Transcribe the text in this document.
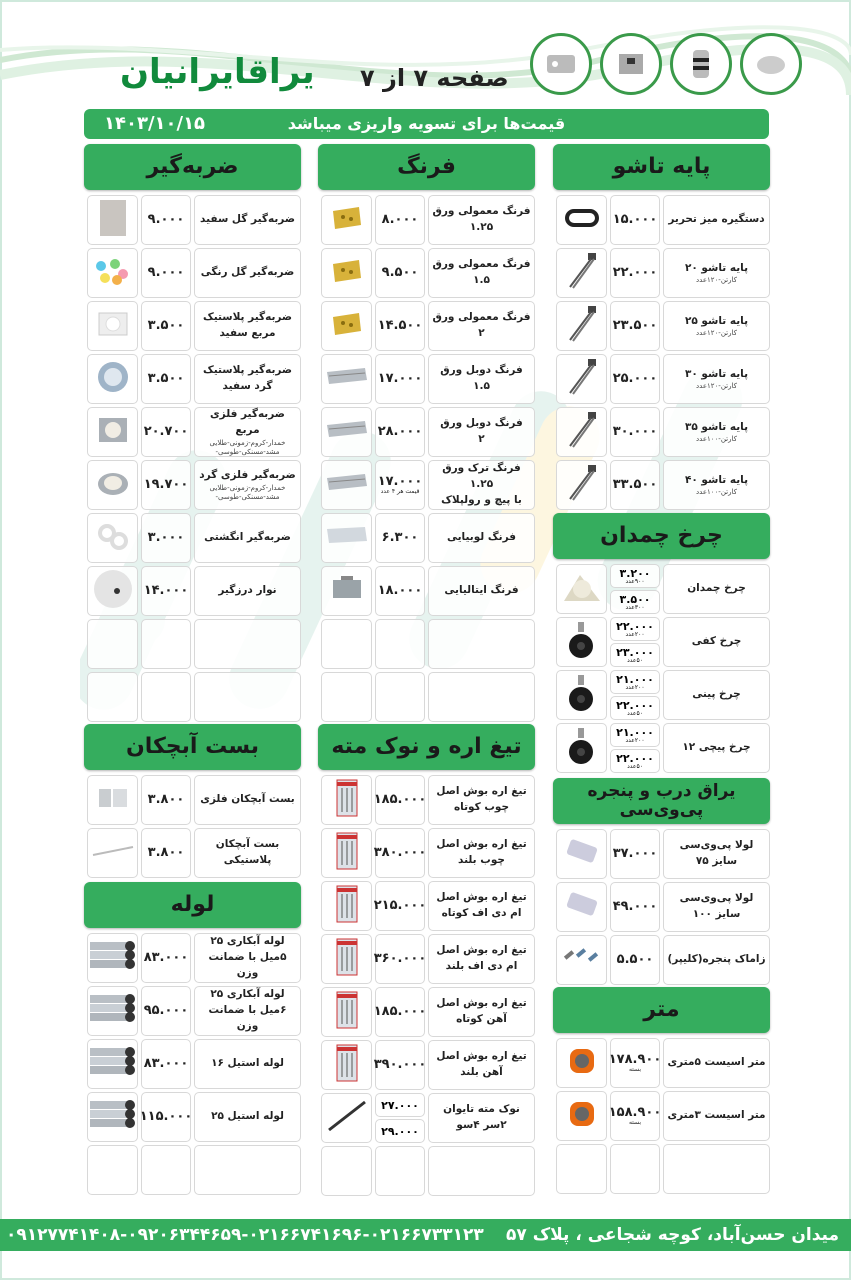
یراقایرانیان	صفحه ۷ از ۷
قیمت‌ها برای تسویه واریزی میباشد
۱۴۰۳/۱۰/۱۵
پایه تاشو
دستگیره میز تحریر
۱۵.۰۰۰
پایه تاشو ۲۰
کارتن-۱۲۰عدد
۲۲.۰۰۰
پایه تاشو ۲۵
کارتن-۱۲۰عدد
۲۳.۵۰۰
پایه تاشو ۳۰
کارتن-۱۲۰عدد
۲۵.۰۰۰
پایه تاشو ۳۵
کارتن-۱۰۰عدد
۳۰.۰۰۰
پایه تاشو ۴۰
کارتن-۱۰۰عدد
۳۳.۵۰۰
چرخ چمدان
چرخ چمدان
۳.۲۰۰
۹۰۰عدد
۳.۵۰۰
۳۰۰عدد
چرخ کفی
۲۲.۰۰۰
۲۰۰عدد
۲۳.۰۰۰
۵۰عدد
چرخ پینی
۲۱.۰۰۰
۲۰۰عدد
۲۲.۰۰۰
۵۰عدد
چرخ پیچی ۱۲
۲۱.۰۰۰
۲۰۰عدد
۲۲.۰۰۰
۵۰عدد
یراق درب و پنجره
پی‌وی‌سی
لولا پی‌وی‌سی
سایز ۷۵
۳۷.۰۰۰
لولا پی‌وی‌سی
سایز ۱۰۰
۴۹.۰۰۰
زاماک پنجره(کلیپر)
۵.۵۰۰
متر
متر اسیست ۵متری
۱۷۸.۹۰۰
بسته
متر اسیست ۳متری
۱۵۸.۹۰۰
بسته
فرنگ
فرنگ معمولی ورق
۱.۲۵
۸.۰۰۰
فرنگ معمولی ورق
۱.۵
۹.۵۰۰
فرنگ معمولی ورق
۲
۱۴.۵۰۰
فرنگ دوبل ورق
۱.۵
۱۷.۰۰۰
فرنگ دوبل ورق
۲
۲۸.۰۰۰
فرنگ ترک ورق ۱.۲۵
با پیچ و رولپلاک
۱۷.۰۰۰
قیمت هر ۴ عدد
فرنگ لوبیایی
۶.۳۰۰
فرنگ ایتالیایی
۱۸.۰۰۰
تیغ اره و نوک مته
تیغ اره بوش اصل
چوب کوتاه
۱۸۵.۰۰۰
تیغ اره بوش اصل
چوب بلند
۳۸۰.۰۰۰
تیغ اره بوش اصل
ام دی اف کوتاه
۲۱۵.۰۰۰
تیغ اره بوش اصل
ام دی اف بلند
۳۶۰.۰۰۰
تیغ اره بوش اصل
آهن کوتاه
۱۸۵.۰۰۰
تیغ اره بوش اصل
آهن بلند
۳۹۰.۰۰۰
نوک مته تایوان ۲سر ۴سو
۲۷.۰۰۰
۲۹.۰۰۰
ضربه‌گیر
ضربه‌گیر گل سفید
۹.۰۰۰
ضربه‌گیر گل رنگی
۹.۰۰۰
ضربه‌گیر پلاستیک
مربع سفید
۳.۵۰۰
ضربه‌گیر پلاستیک
گرد سفید
۳.۵۰۰
ضربه‌گیر فلزی مربع
خمدار-کروم-زمونی-طلایی
مشد-مسنکی-طوسی-
۲۰.۷۰۰
ضربه‌گیر فلزی گرد
خمدار-کروم-زمونی-طلایی
مشد-مسنکی-طوسی-
۱۹.۷۰۰
ضربه‌گیر انگشتی
۳.۰۰۰
نوار درزگیر
۱۴.۰۰۰
بست آبچکان
بست آبچکان فلزی
۳.۸۰۰
بست آبچکان پلاستیکی
۳.۸۰۰
لوله
لوله آبکاری ۲۵
۵میل با ضمانت وزن
۸۳.۰۰۰
لوله آبکاری ۲۵
۶میل با ضمانت وزن
۹۵.۰۰۰
لوله استیل ۱۶
۸۳.۰۰۰
لوله استیل ۲۵
۱۱۵.۰۰۰
میدان حسن‌آباد، کوچه شجاعی ، پلاک ۵۷
۰۹۱۲۷۷۴۱۴۰۸-۰۹۲۰۶۳۴۴۶۵۹-۰۲۱۶۶۷۴۱۶۹۶-۰۲۱۶۶۷۳۳۱۲۳
